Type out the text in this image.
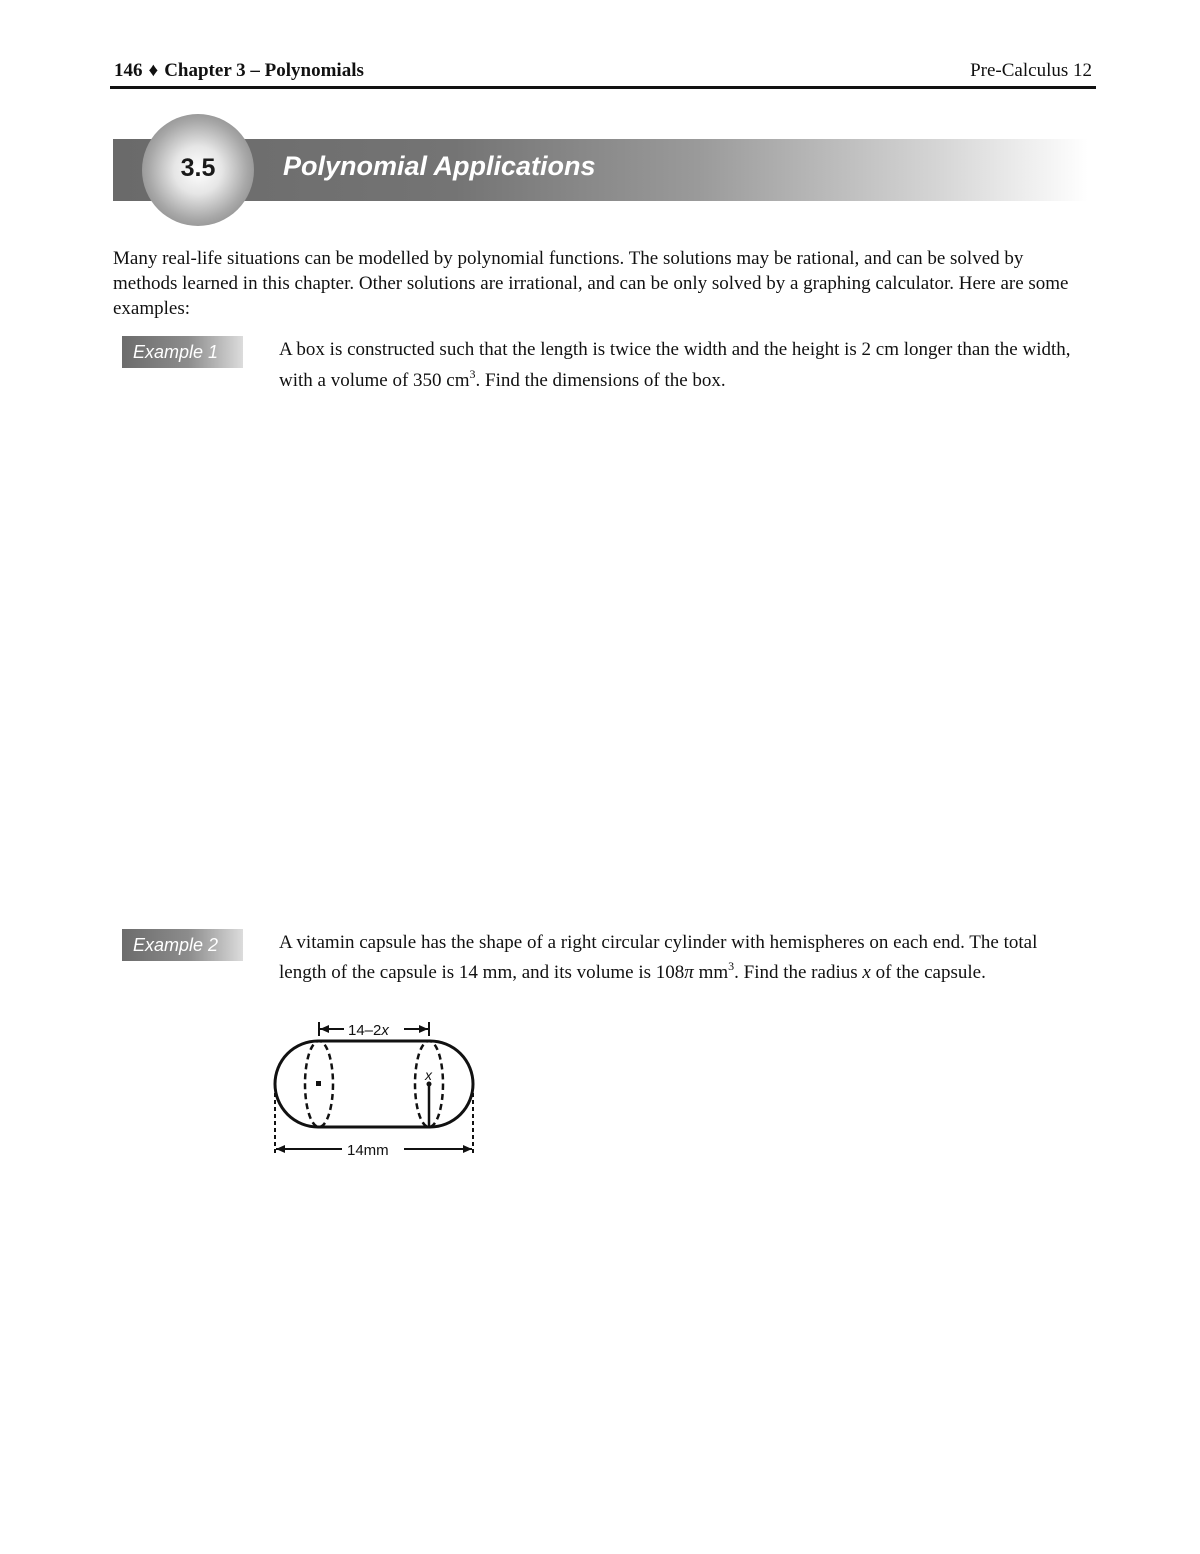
146 ♦ Chapter 3 – Polynomials	Pre-Calculus 12
3.5	Polynomial Applications
Many real-life situations can be modelled by polynomial functions. The solutions may be rational, and can be solved by methods learned in this chapter. Other solutions are irrational, and can be only solved by a graphing calculator. Here are some examples:
Example 1	A box is constructed such that the length is twice the width and the height is 2 cm longer than the width, with a volume of 350 $cm^3$. Find the dimensions of the box.
Example 2	A vitamin capsule has the shape of a right circular cylinder with hemispheres on each end. The total length of the capsule is 14 mm, and its volume is 108π $mm^3$. Find the radius x of the capsule.
14–2x
x
14mm
